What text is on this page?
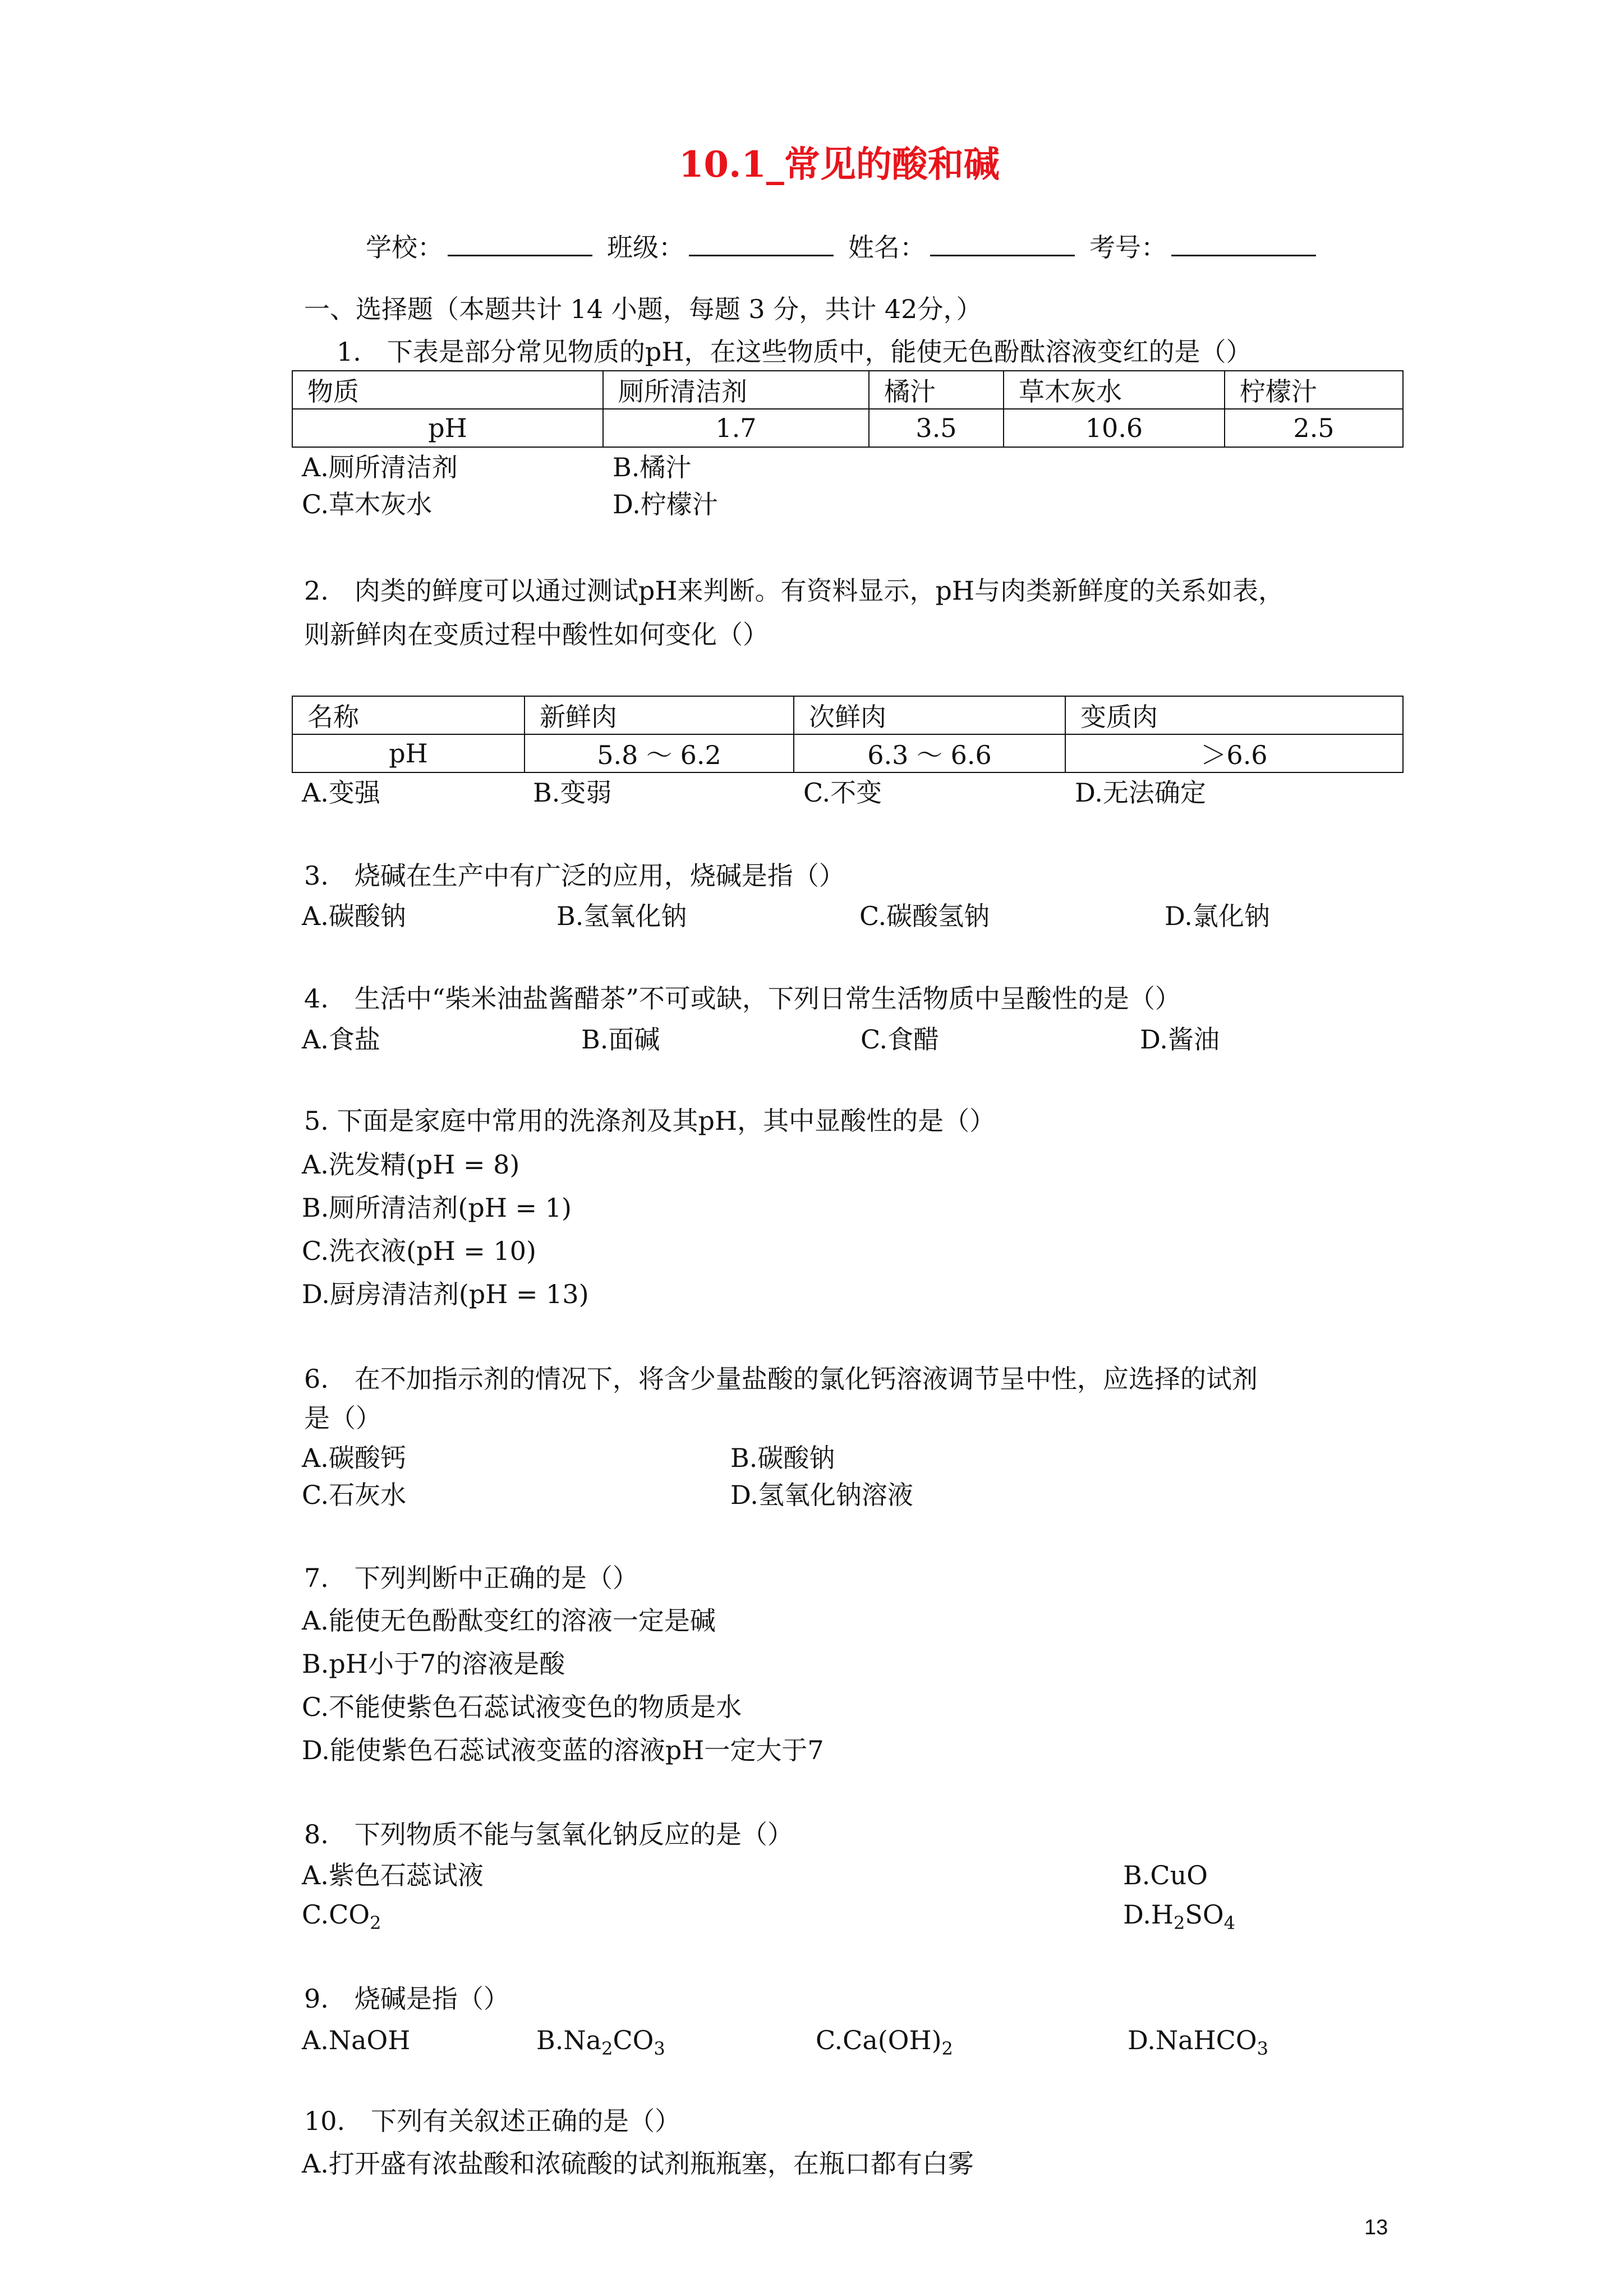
10.1_常见的酸和碱
学校：	班级：	姓名：	考号：
一、选择题（本题共计 14 小题，每题 3 分，共计 42分，）
1.　下表是部分常见物质的pH，在这些物质中，能使无色酚酞溶液变红的是（）
物质	厕所清洁剂	橘汁	草木灰水	柠檬汁
pH	1.7	3.5	10.6	2.5
A.厕所清洁剂	B.橘汁
C.草木灰水	D.柠檬汁
2.　肉类的鲜度可以通过测试pH来判断。有资料显示，pH与肉类新鲜度的关系如表，
则新鲜肉在变质过程中酸性如何变化（）
名称	新鲜肉	次鲜肉	变质肉
pH	5.8 ～ 6.2	6.3 ～ 6.6	＞6.6
A.变强	B.变弱	C.不变	D.无法确定
3.　烧碱在生产中有广泛的应用，烧碱是指（）
A.碳酸钠	B.氢氧化钠	C.碳酸氢钠	D.氯化钠
4.　生活中“柴米油盐酱醋茶”不可或缺，下列日常生活物质中呈酸性的是（）
A.食盐	B.面碱	C.食醋	D.酱油
5. 下面是家庭中常用的洗涤剂及其pH，其中显酸性的是（）
A.洗发精(pH = 8)
B.厕所清洁剂(pH = 1)
C.洗衣液(pH = 10)
D.厨房清洁剂(pH = 13)
6.　在不加指示剂的情况下，将含少量盐酸的氯化钙溶液调节呈中性，应选择的试剂
是（）
A.碳酸钙	B.碳酸钠
C.石灰水	D.氢氧化钠溶液
7.　下列判断中正确的是（）
A.能使无色酚酞变红的溶液一定是碱
B.pH小于7的溶液是酸
C.不能使紫色石蕊试液变色的物质是水
D.能使紫色石蕊试液变蓝的溶液pH一定大于7
8.　下列物质不能与氢氧化钠反应的是（）
A.紫色石蕊试液	B.CuO
$C.CO_2$	$D.H_2SO_4$
9.　烧碱是指（）
A.NaOH	$B.Na_2CO_3$	$C.Ca(OH)_2$	D.NaHCO$_3$
10.　下列有关叙述正确的是（）
A.打开盛有浓盐酸和浓硫酸的试剂瓶瓶塞，在瓶口都有白雾
13
